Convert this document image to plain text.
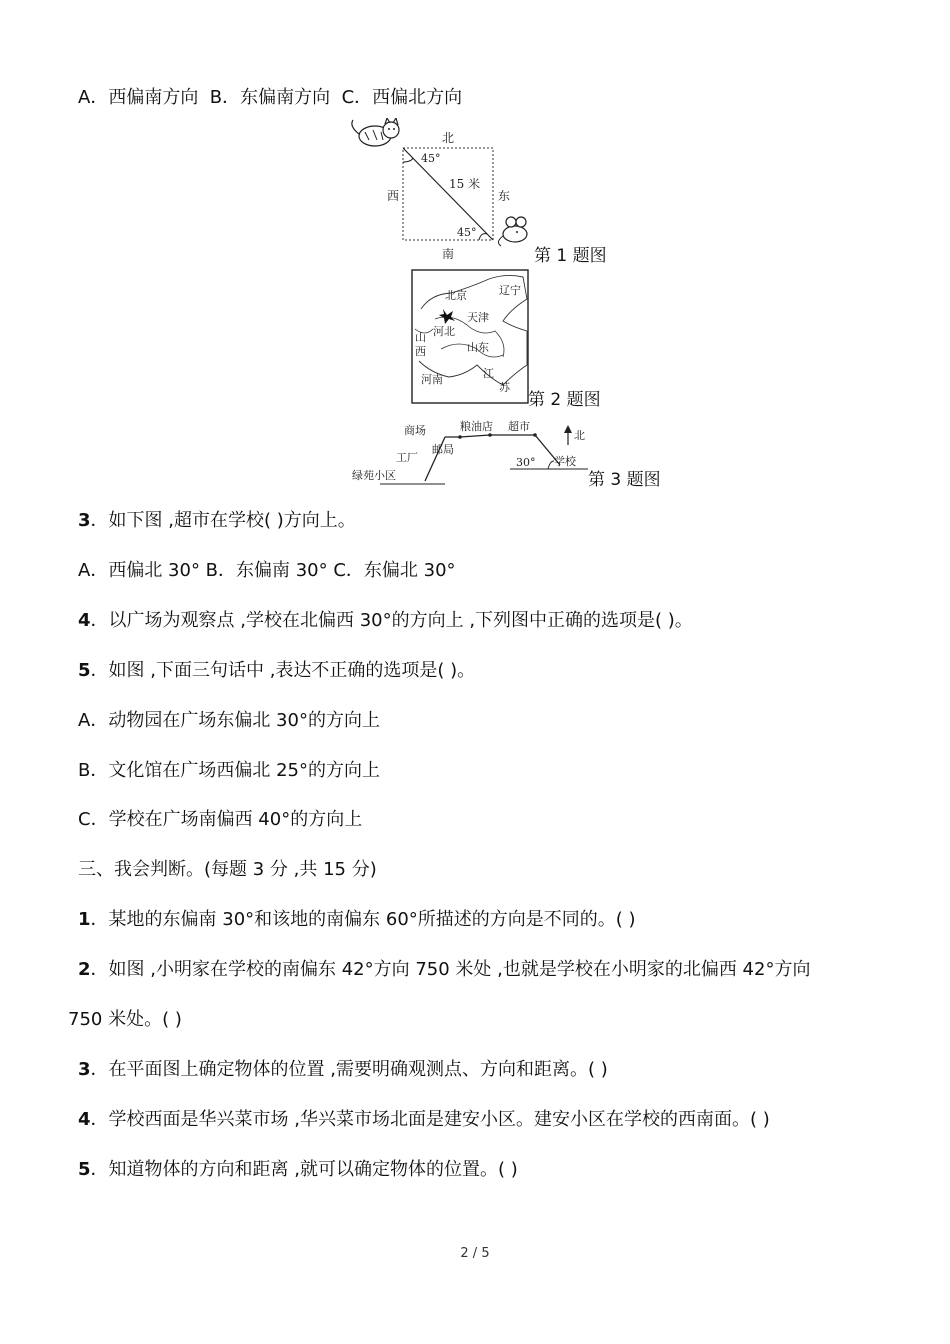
A．西偏南方向 B．东偏南方向 C．西偏北方向
北
南
西	东
45°
45°
15 米
第 1 题图
北京	辽宁
天津
河北
山
西	山东
河南	江
苏
第 2 题图
北
商场	粮油店 超市
邮局
工厂
绿苑小区
学校
30°
第 3 题图
3．如下图 ,超市在学校( )方向上。
A．西偏北 30° B．东偏南 30° C．东偏北 30°
4．以广场为观察点 ,学校在北偏西 30°的方向上 ,下列图中正确的选项是( )。
5．如图 ,下面三句话中 ,表达不正确的选项是( )。
A．动物园在广场东偏北 30°的方向上
B．文化馆在广场西偏北 25°的方向上
C．学校在广场南偏西 40°的方向上
三、我会判断。(每题 3 分 ,共 15 分)
1．某地的东偏南 30°和该地的南偏东 60°所描述的方向是不同的。( )
2．如图 ,小明家在学校的南偏东 42°方向 750 米处 ,也就是学校在小明家的北偏西 42°方向
750 米处。( )
3．在平面图上确定物体的位置 ,需要明确观测点、方向和距离。( )
4．学校西面是华兴菜市场 ,华兴菜市场北面是建安小区。建安小区在学校的西南面。( )
5．知道物体的方向和距离 ,就可以确定物体的位置。( )
2 / 5
